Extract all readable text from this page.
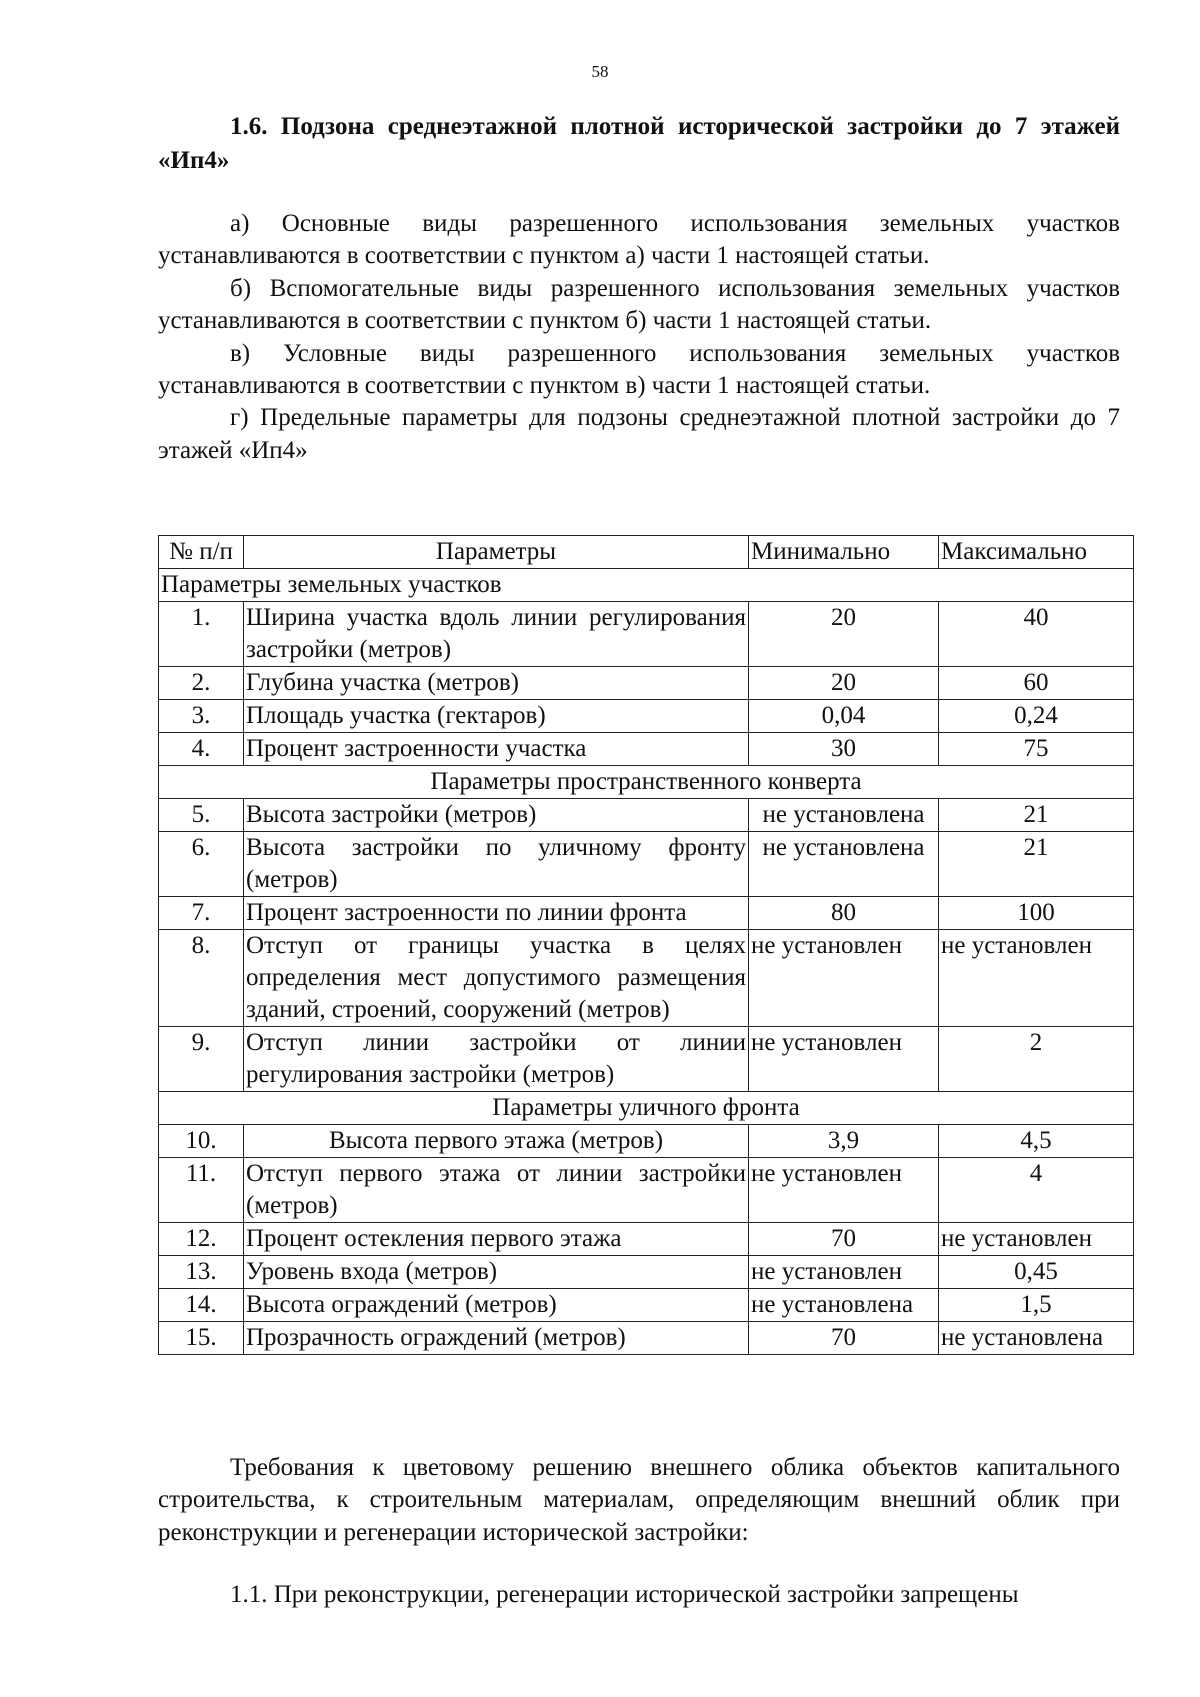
58
1.6. Подзона среднеэтажной плотной исторической застройки до 7 этажей «Ип4»

а) Основные виды разрешенного использования земельных участков устанавливаются в соответствии с пунктом а) части 1 настоящей статьи.

б) Вспомогательные виды разрешенного использования земельных участков устанавливаются в соответствии с пунктом б) части 1 настоящей статьи.

в) Условные виды разрешенного использования земельных участков устанавливаются в соответствии с пунктом в) части 1 настоящей статьи.

г) Предельные параметры для подзоны среднеэтажной плотной застройки до 7 этажей «Ип4»

№ п/п	Параметры	Минимально	Максимально
Параметры земельных участков			
1.	Ширина участка вдоль линии регулирования застройки (метров)	20	40
2.	Глубина участка (метров)	20	60
3.	Площадь участка (гектаров)	0,04	0,24
4.	Процент застроенности участка	30	75
Параметры пространственного конверта			
5.	Высота застройки (метров)	не установлена	21
6.	Высота застройки по уличному фронту (метров)	не установлена	21
7.	Процент застроенности по линии фронта	80	100
8.	Отступ от границы участка в целях определения мест допустимого размещения зданий, строений, сооружений (метров)	не установлен	не установлен
9.	Отступ линии застройки от линии регулирования застройки (метров)	не установлен	2
Параметры уличного фронта			
10.	Высота первого этажа (метров)	3,9	4,5
11.	Отступ первого этажа от линии застройки (метров)	не установлен	4
12.	Процент остекления первого этажа	70	не установлен
13.	Уровень входа (метров)	не установлен	0,45
14.	Высота ограждений (метров)	не установлена	1,5
15.	Прозрачность ограждений (метров)	70	не установлена

Требования к цветовому решению внешнего облика объектов капитального строительства, к строительным материалам, определяющим внешний облик при реконструкции и регенерации исторической застройки:

1.1. При реконструкции, регенерации исторической застройки запрещены
